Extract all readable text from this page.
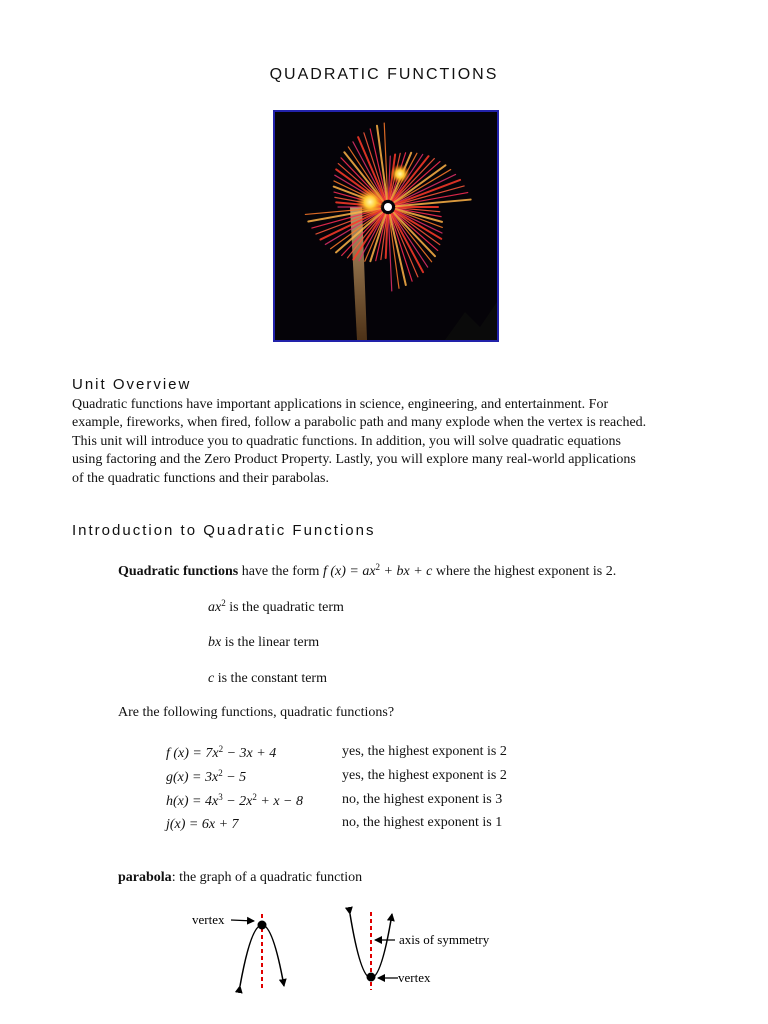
QUADRATIC FUNCTIONS
Unit Overview
Quadratic functions have important applications in science, engineering, and entertainment. For
example, fireworks, when fired, follow a parabolic path and many explode when the vertex is reached.
This unit will introduce you to quadratic functions. In addition, you will solve quadratic equations
using factoring and the Zero Product Property. Lastly, you will explore many real-world applications
of the quadratic functions and their parabolas.
Introduction to Quadratic Functions
Quadratic functions have the form f $(x) = ax^2$ + bx + c where the highest exponent is 2.
$ax^2$ is the quadratic term
bx is the linear term
c is the constant term
Are the following functions, quadratic functions?
f $(x) = 7x^2 - 3x + 4$	yes, the highest exponent is 2
$g(x) = 3x^2 - 5$	yes, the highest exponent is 2
$h(x) = 4x^3 - 2x^2 + x - 8$	no, the highest exponent is 3
j(x) = 6x + 7	no, the highest exponent is 1
parabola: the graph of a quadratic function
vertex
axis of symmetry
vertex
